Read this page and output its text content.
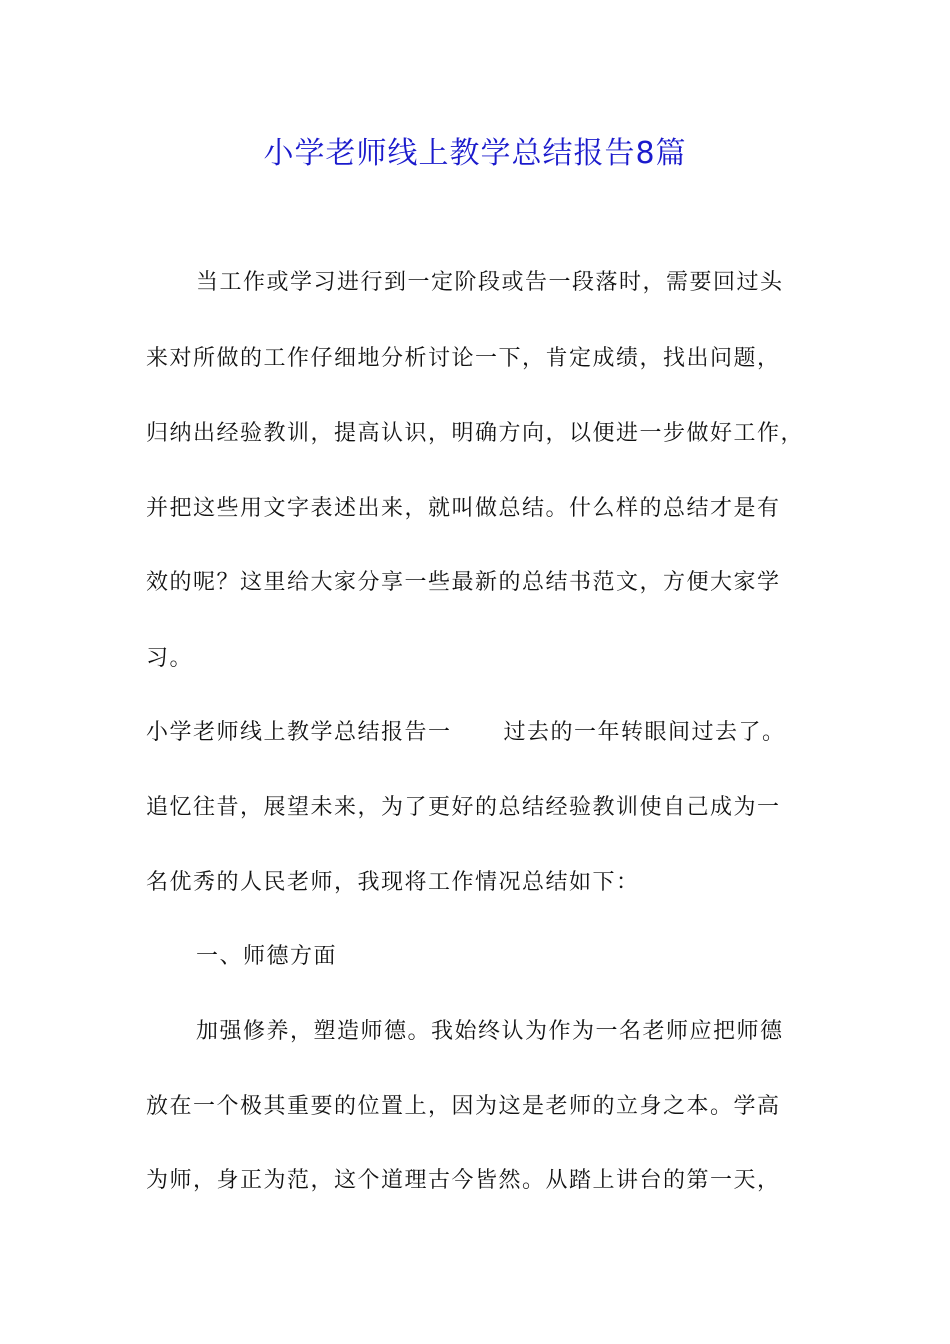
小学老师线上教学总结报告8篇
当工作或学习进行到一定阶段或告一段落时，需要回过头
来对所做的工作仔细地分析讨论一下，肯定成绩，找出问题，
归纳出经验教训，提高认识，明确方向，以便进一步做好工作，
并把这些用文字表述出来，就叫做总结。什么样的总结才是有
效的呢？这里给大家分享一些最新的总结书范文，方便大家学
习。
小学老师线上教学总结报告一 过去的一年转眼间过去了。
追忆往昔，展望未来，为了更好的总结经验教训使自己成为一
名优秀的人民老师，我现将工作情况总结如下：
一、师德方面
加强修养，塑造师德。我始终认为作为一名老师应把师德
放在一个极其重要的位置上，因为这是老师的立身之本。学高
为师，身正为范，这个道理古今皆然。从踏上讲台的第一天，
